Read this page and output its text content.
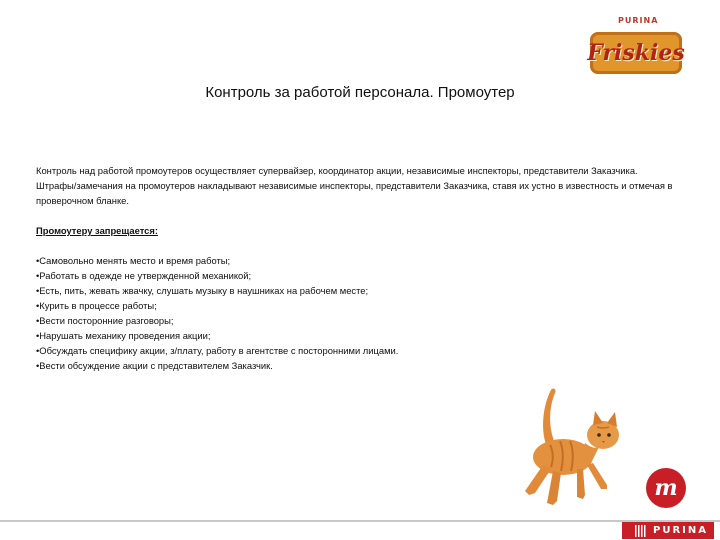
PURINA
Friskies
Контроль за работой персонала. Промоутер

Контроль над работой промоутеров осуществляет супервайзер, координатор акции, независимые инспекторы, представители Заказчика.

Штрафы/замечания на промоутеров накладывают независимые инспекторы, представители Заказчика, ставя их устно в известность и отмечая в проверочном бланке.

Промоутеру запрещается:

•Самовольно менять место и время работы;
•Работать в одежде не утвержденной механикой;
•Есть, пить, жевать жвачку, слушать музыку в наушниках на рабочем месте;
•Курить в процессе работы;
•Вести посторонние разговоры;
•Нарушать механику проведения акции;
•Обсуждать специфику акции, з/плату, работу в агентстве с посторонними лицами.
•Вести обсуждение акции с представителем Заказчик.
m
PURINA
